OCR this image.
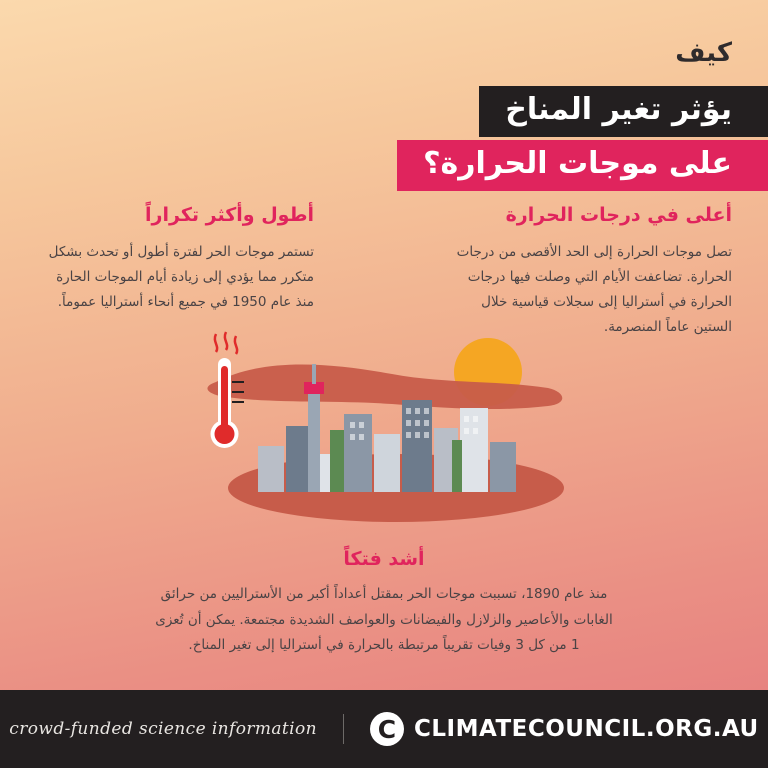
كيف
يؤثر تغير المناخ
على موجات الحرارة؟
أعلى في درجات الحرارة

تصل موجات الحرارة إلى الحد الأقصى من درجات الحرارة. تضاعفت الأيام التي وصلت فيها درجات الحرارة في أستراليا إلى سجلات قياسية خلال الستين عاماً المنصرمة.

أطول وأكثر تكراراً

تستمر موجات الحر لفترة أطول أو تحدث بشكل متكرر مما يؤدي إلى زيادة أيام الموجات الحارة منذ عام 1950 في جميع أنحاء أستراليا عموماً.

أشد فتكاً

منذ عام 1890، تسببت موجات الحر بمقتل أعداداً أكبر من الأستراليين من حرائق الغابات والأعاصير والزلازل والفيضانات والعواصف الشديدة مجتمعة. يمكن أن تُعزى 1 من كل 3 وفيات تقريباً مرتبطة بالحرارة في أستراليا إلى تغير المناخ.

crowd-funded science information	C CLIMATECOUNCIL.ORG.AU
